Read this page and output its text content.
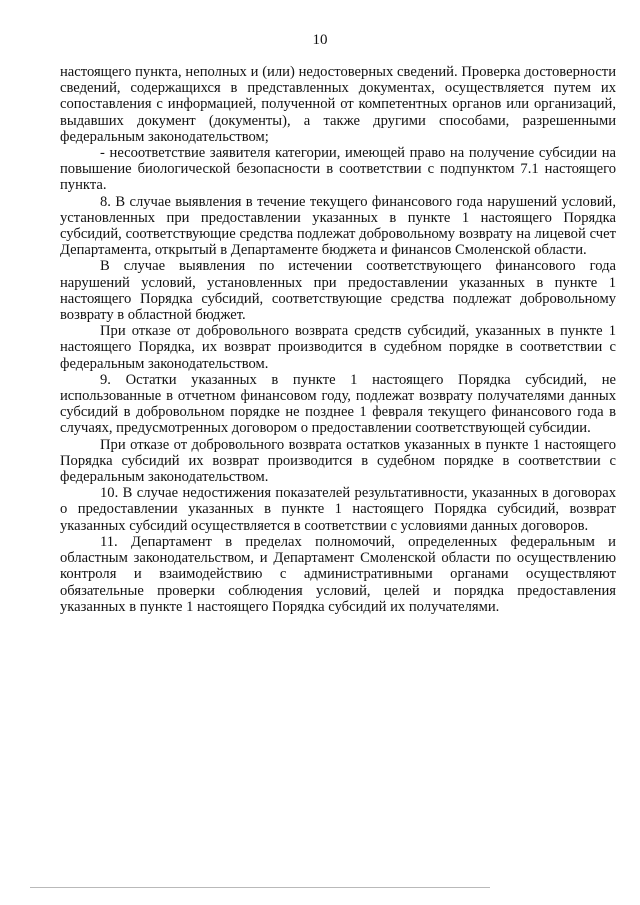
10

настоящего пункта, неполных и (или) недостоверных сведений. Проверка достоверности сведений, содержащихся в представленных документах, осуществляется путем их сопоставления с информацией, полученной от компетентных органов или организаций, выдавших документ (документы), а также другими способами, разрешенными федеральным законодательством;

- несоответствие заявителя категории, имеющей право на получение субсидии на повышение биологической безопасности в соответствии с подпунктом 7.1 настоящего пункта.

8. В случае выявления в течение текущего финансового года нарушений условий, установленных при предоставлении указанных в пункте 1 настоящего Порядка субсидий, соответствующие средства подлежат добровольному возврату на лицевой счет Департамента, открытый в Департаменте бюджета и финансов Смоленской области.

В случае выявления по истечении соответствующего финансового года нарушений условий, установленных при предоставлении указанных в пункте 1 настоящего Порядка субсидий, соответствующие средства подлежат добровольному возврату в областной бюджет.

При отказе от добровольного возврата средств субсидий, указанных в пункте 1 настоящего Порядка, их возврат производится в судебном порядке в соответствии с федеральным законодательством.

9. Остатки указанных в пункте 1 настоящего Порядка субсидий, не использованные в отчетном финансовом году, подлежат возврату получателями данных субсидий в добровольном порядке не позднее 1 февраля текущего финансового года в случаях, предусмотренных договором о предоставлении соответствующей субсидии.

При отказе от добровольного возврата остатков указанных в пункте 1 настоящего Порядка субсидий их возврат производится в судебном порядке в соответствии с федеральным законодательством.

10. В случае недостижения показателей результативности, указанных в договорах о предоставлении указанных в пункте 1 настоящего Порядка субсидий, возврат указанных субсидий осуществляется в соответствии с условиями данных договоров.

11. Департамент в пределах полномочий, определенных федеральным и областным законодательством, и Департамент Смоленской области по осуществлению контроля и взаимодействию с административными органами осуществляют обязательные проверки соблюдения условий, целей и порядка предоставления указанных в пункте 1 настоящего Порядка субсидий их получателями.
